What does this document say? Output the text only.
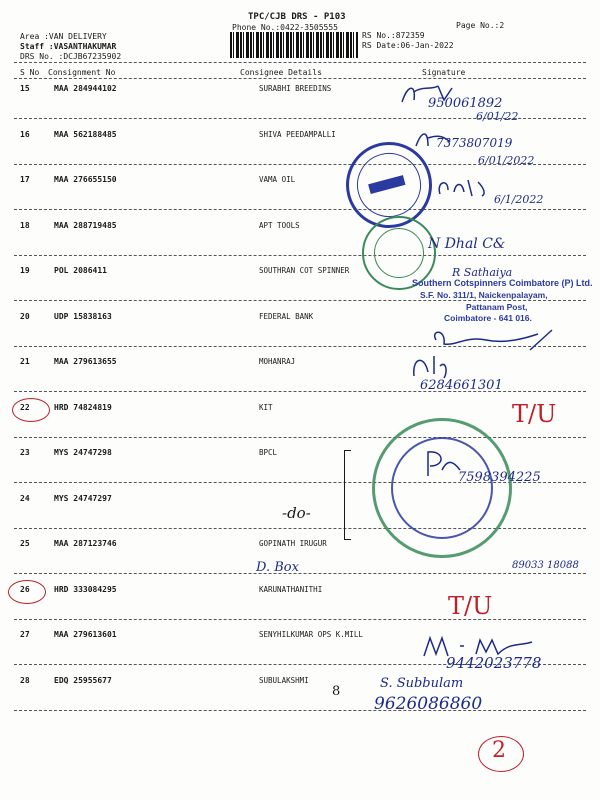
TPC/CJB DRS - P103
Phone No.:0422-3505555	Page No.:2
Area :VAN DELIVERY
Staff :VASANTHAKUMAR
DRS No. :DCJB67235902
RS No.:872359
RS Date:06-Jan-2022
S No Consignment No	Consignee Details	Signature
15	MAA 284944102	SURABHI BREEDINS
16	MAA 562188485	SHIVA PEEDAMPALLI
17	MAA 276655150	VAMA OIL
18	MAA 288719485	APT TOOLS
19	POL 2086411	SOUTHRAN COT SPINNER
20	UDP 15838163	FEDERAL BANK
21	MAA 279613655	MOHANRAJ
22	HRD 74824819	KIT
23	MYS 24747298	BPCL
24	MYS 24747297
25	MAA 287123746	GOPINATH IRUGUR
26	HRD 333084295	KARUNATHANITHI
27	MAA 279613601	SENYHILKUMAR OPS K.MILL
28	EDQ 25955677	SUBULAKSHMI
950061892
6/01/22
7373807019
6/01/2022
6/1/2022
N Dhal C&
R Sathaiya
Southern Cotspinners Coimbatore (P) Ltd.
S.F. No. 311/1, Naickenpalayam,
Pattanam Post,
Coimbatore - 641 016.
6284661301
T/U
7598394225
-do-
D. Box	89033 18088
T/U
9442023778
8
S. Subbulam
9626086860
2
